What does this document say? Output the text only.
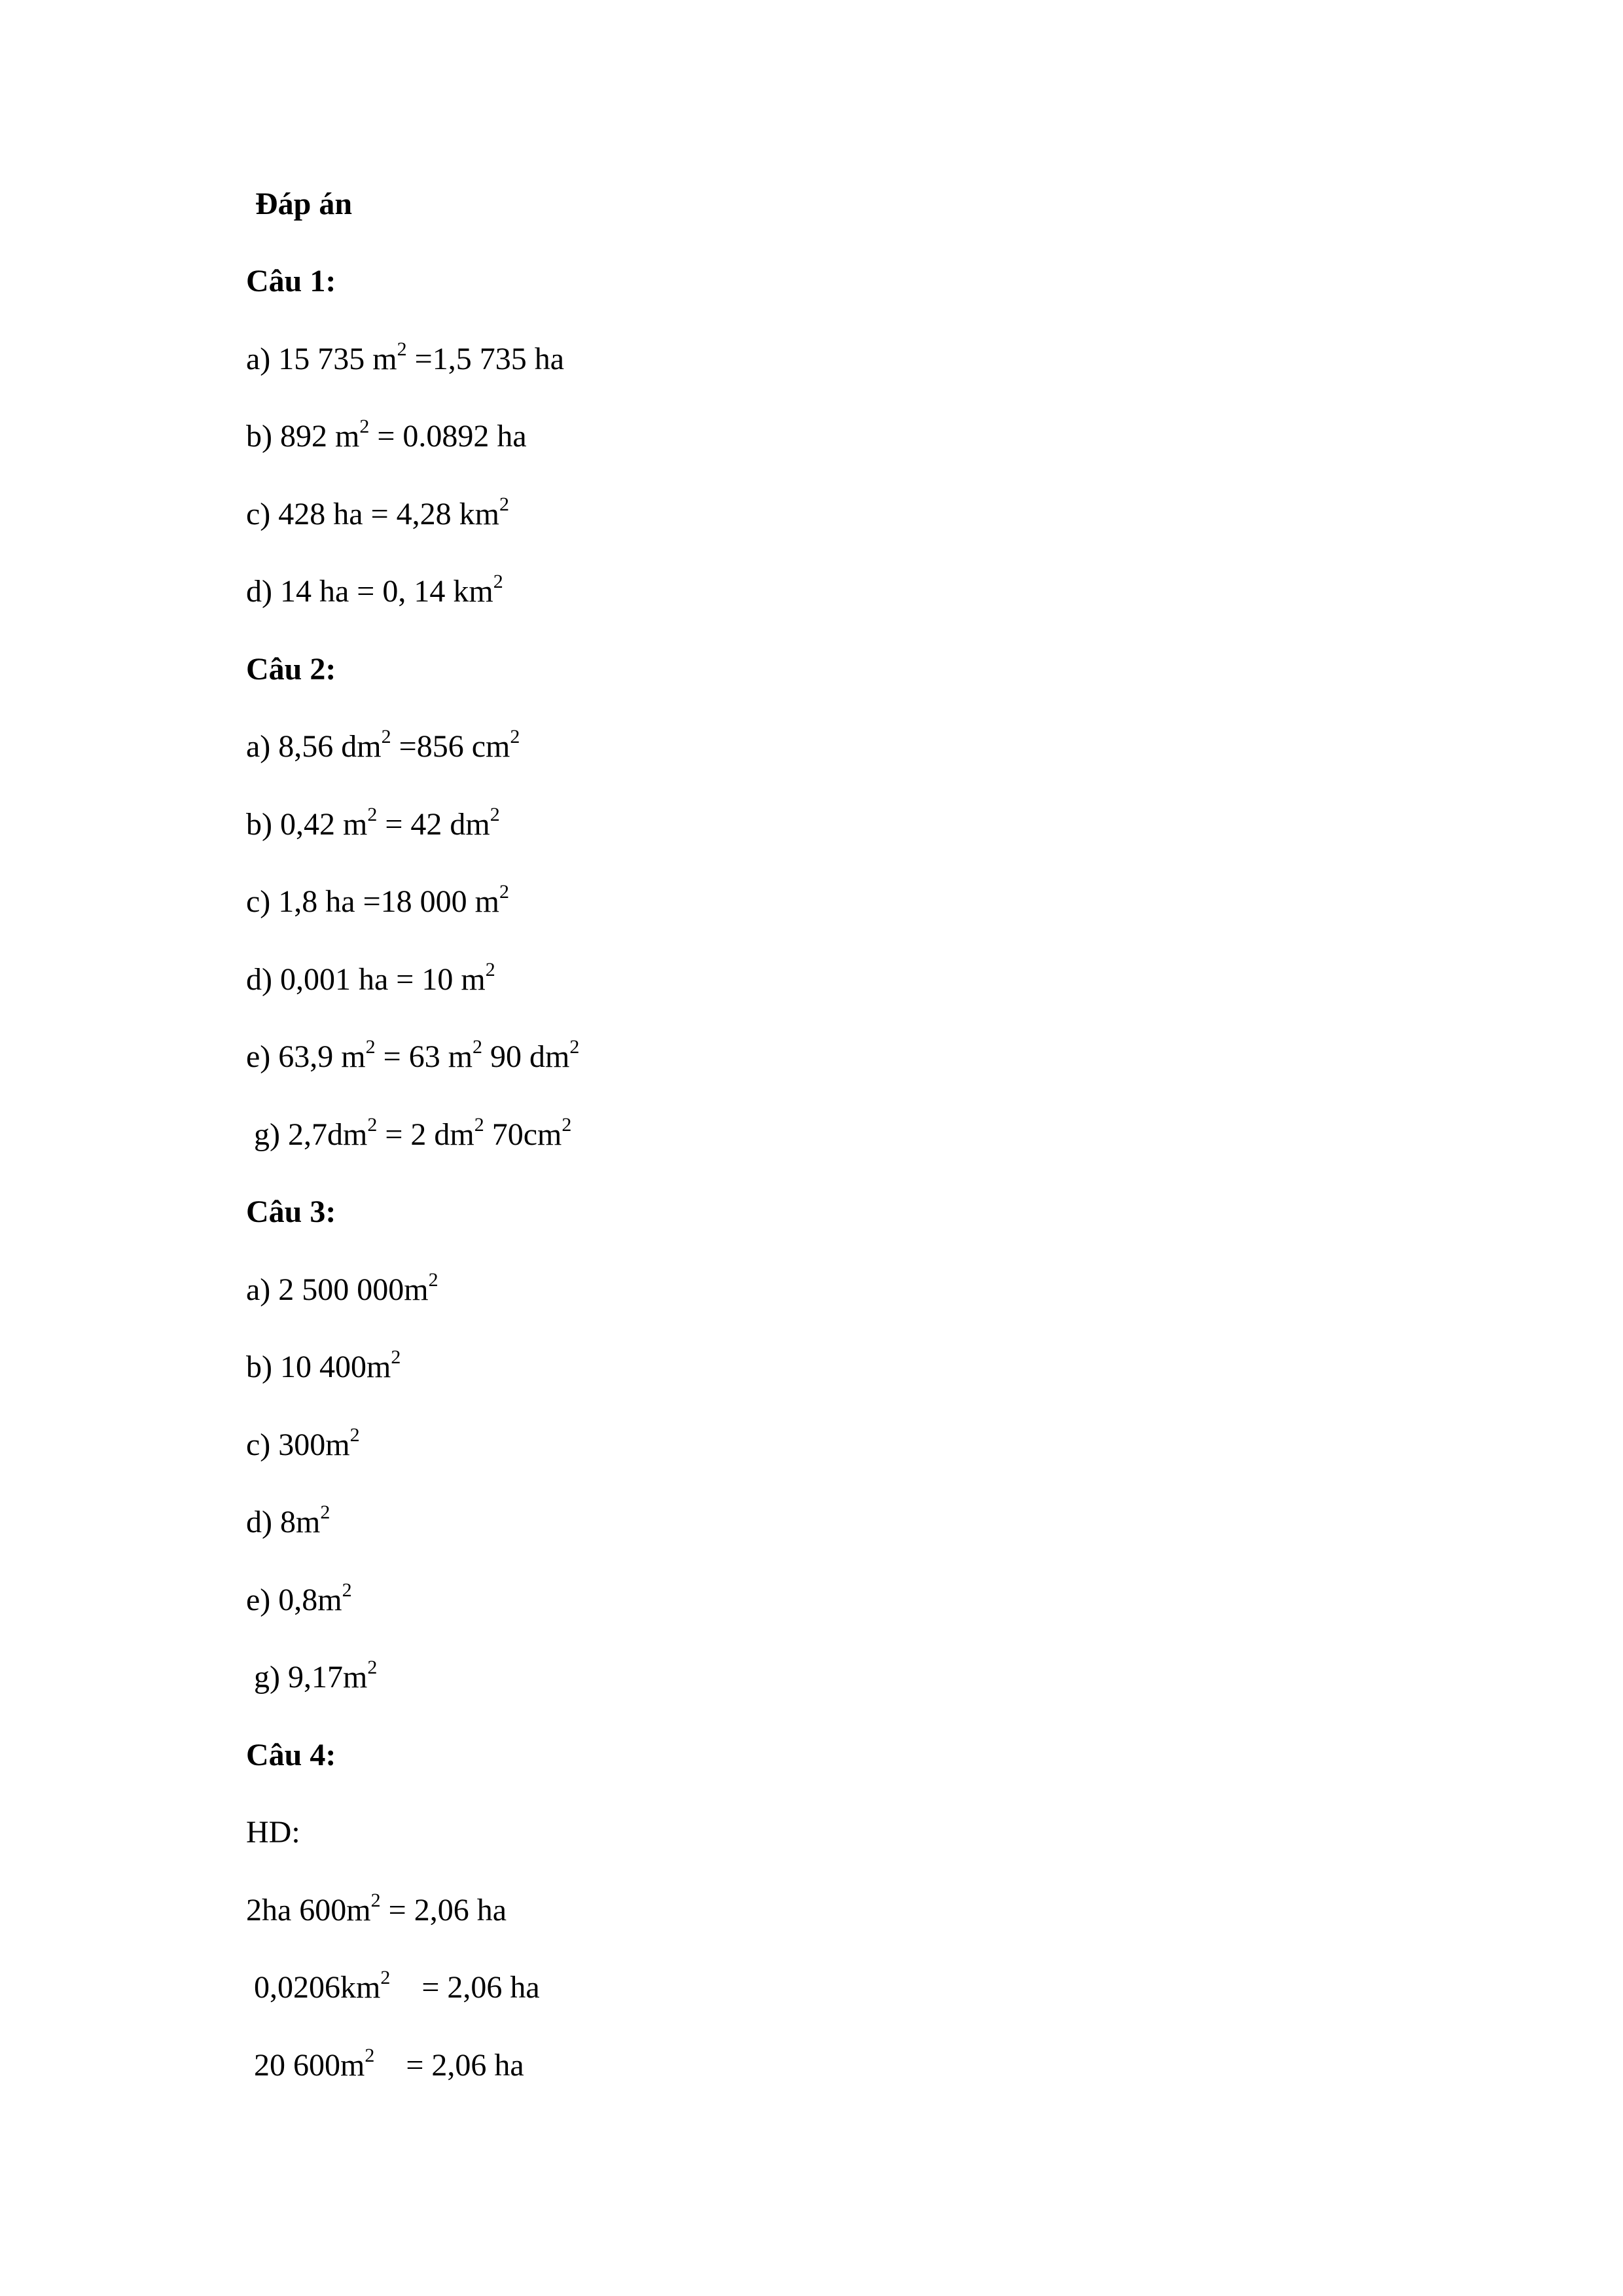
Đáp án
Câu 1:
a) 15 735 $m^2 =1,5$ 735 ha
b) 892 $m^2 = 0.0892$ ha
c) 428 ha = 4,28 $km^2$
d) 14 ha = 0, 14 $km^2$
Câu 2:
a) 8,56 $dm^2 =856$ $cm^2$
b) 0,42 $m^2 = 42$ $dm^2$
c) 1,8 ha =18 000 $m^2$
d) 0,001 ha = 10 $m^2$
e) 63,9 $m^2 = 63$ $m^2$ 90 $dm^2$
g) $2,7dm^2 = 2$ $dm^2$ $70cm^2$
Câu 3:
a) 2 500 $000m^2$
b) 10 $400m^2$
c) $300m^2$
d) $8m^2$
e) $0,8m^2$
g) $9,17m^2$
Câu 4:
HD:
2ha $600m^2 = 2,06$ ha
$0,0206km^2$    = 2,06 ha
20 $600m^2$    = 2,06 ha
